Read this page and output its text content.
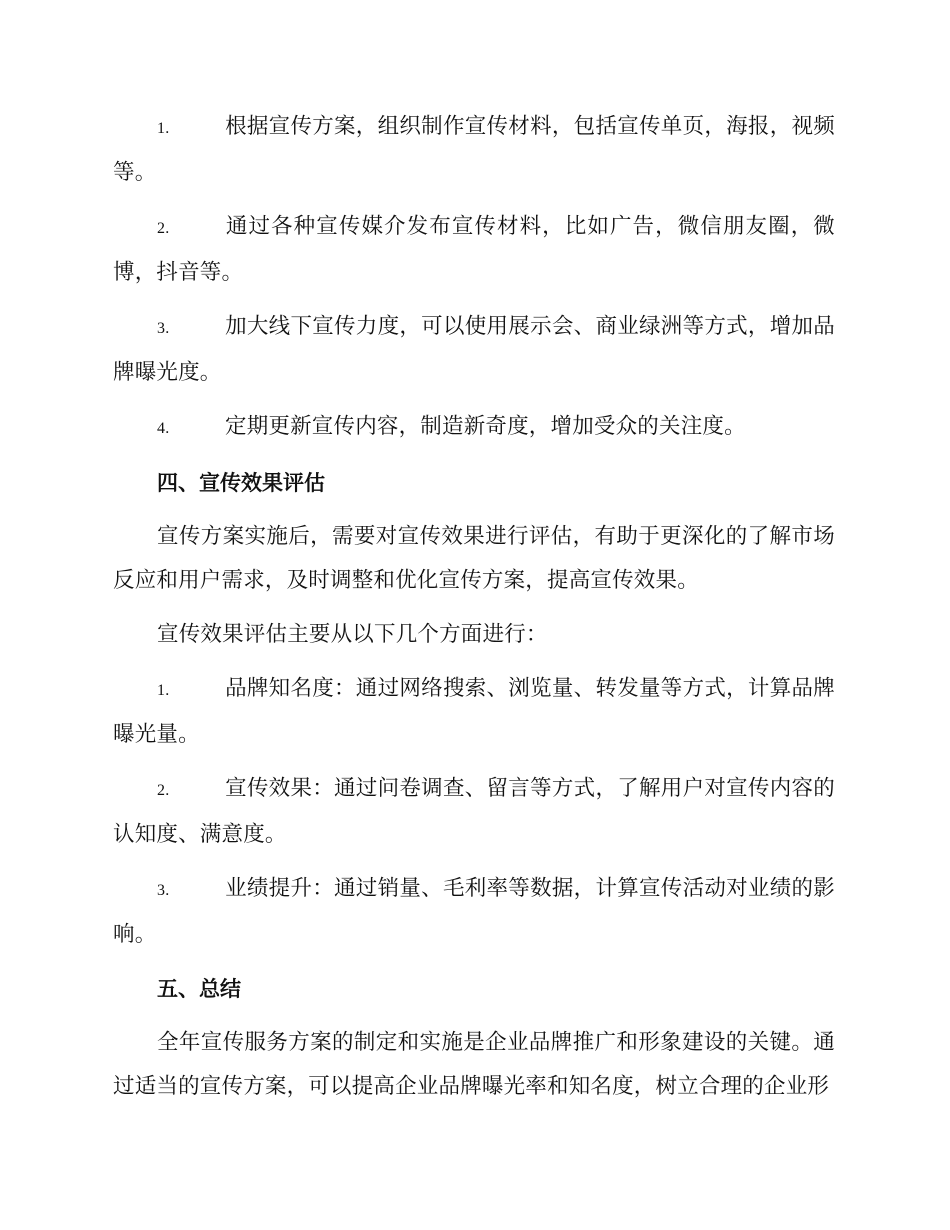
1.	根据宣传方案，组织制作宣传材料，包括宣传单页，海报，视频等。
2.	通过各种宣传媒介发布宣传材料，比如广告，微信朋友圈，微博，抖音等。
3.	加大线下宣传力度，可以使用展示会、商业绿洲等方式，增加品牌曝光度。
4.	定期更新宣传内容，制造新奇度，增加受众的关注度。
四、宣传效果评估
宣传方案实施后，需要对宣传效果进行评估，有助于更深化的了解市场反应和用户需求，及时调整和优化宣传方案，提高宣传效果。
宣传效果评估主要从以下几个方面进行：
1.	品牌知名度：通过网络搜索、浏览量、转发量等方式，计算品牌曝光量。
2.	宣传效果：通过问卷调查、留言等方式，了解用户对宣传内容的认知度、满意度。
3.	业绩提升：通过销量、毛利率等数据，计算宣传活动对业绩的影响。
五、总结
全年宣传服务方案的制定和实施是企业品牌推广和形象建设的关键。通过适当的宣传方案，可以提高企业品牌曝光率和知名度，树立合理的企业形
